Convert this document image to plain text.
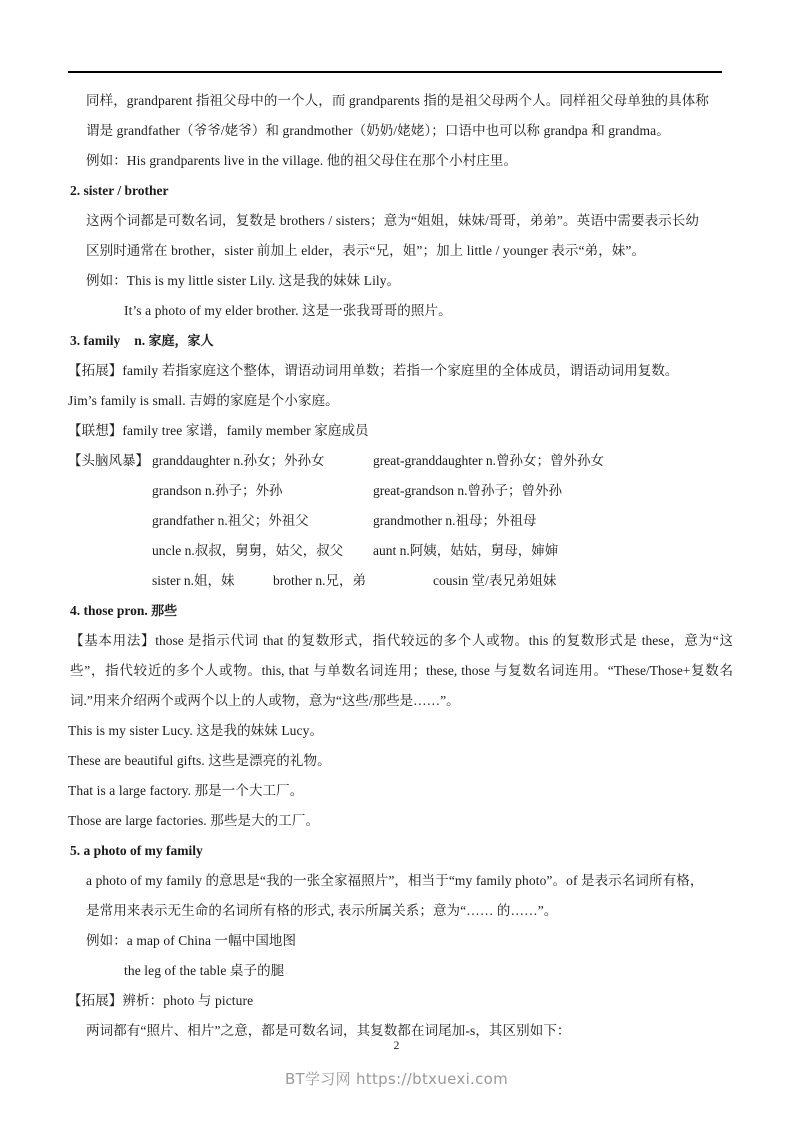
同样，grandparent 指祖父母中的一个人，而 grandparents 指的是祖父母两个人。同样祖父母单独的具体称
谓是 grandfather（爷爷/姥爷）和 grandmother（奶奶/姥姥）；口语中也可以称 grandpa 和 grandma。
例如：His grandparents live in the village. 他的祖父母住在那个小村庄里。
2. sister / brother
这两个词都是可数名词，复数是 brothers / sisters；意为“姐姐，妹妹/哥哥，弟弟”。英语中需要表示长幼
区别时通常在 brother，sister 前加上 elder，表示“兄，姐”；加上 little / younger 表示“弟，妹”。
例如：This is my little sister Lily. 这是我的妹妹 Lily。
It’s a photo of my elder brother. 这是一张我哥哥的照片。
3. family n. 家庭，家人
【拓展】family 若指家庭这个整体，谓语动词用单数；若指一个家庭里的全体成员，谓语动词用复数。
Jim’s family is small. 吉姆的家庭是个小家庭。
【联想】family tree 家谱，family member 家庭成员
【头脑风暴】 granddaughter n.孙女；外孙女	great-granddaughter n.曾孙女；曾外孙女
grandson n.孙子；外孙	great-grandson n.曾孙子；曾外孙
grandfather n.祖父；外祖父	grandmother n.祖母；外祖母
uncle n.叔叔，舅舅，姑父，叔父 aunt n.阿姨，姑姑，舅母，婶婶
sister n.姐，妹	brother n.兄，弟	cousin 堂/表兄弟姐妹
4. those pron. 那些
【基本用法】those 是指示代词 that 的复数形式，指代较远的多个人或物。this 的复数形式是 these，意为“这些”，指代较近的多个人或物。this, that 与单数名词连用；these, those 与复数名词连用。“These/Those+复数名词.”用来介绍两个或两个以上的人或物，意为“这些/那些是……”。
This is my sister Lucy. 这是我的妹妹 Lucy。
These are beautiful gifts. 这些是漂亮的礼物。
That is a large factory. 那是一个大工厂。
Those are large factories. 那些是大的工厂。
5. a photo of my family
a photo of my family 的意思是“我的一张全家福照片”，相当于“my family photo”。of 是表示名词所有格，
是常用来表示无生命的名词所有格的形式, 表示所属关系；意为“…… 的……”。
例如：a map of China 一幅中国地图
the leg of the table 桌子的腿
【拓展】辨析：photo 与 picture
两词都有“照片、相片”之意，都是可数名词，其复数都在词尾加-s，其区别如下：
2
BT学习网 https://btxuexi.com
